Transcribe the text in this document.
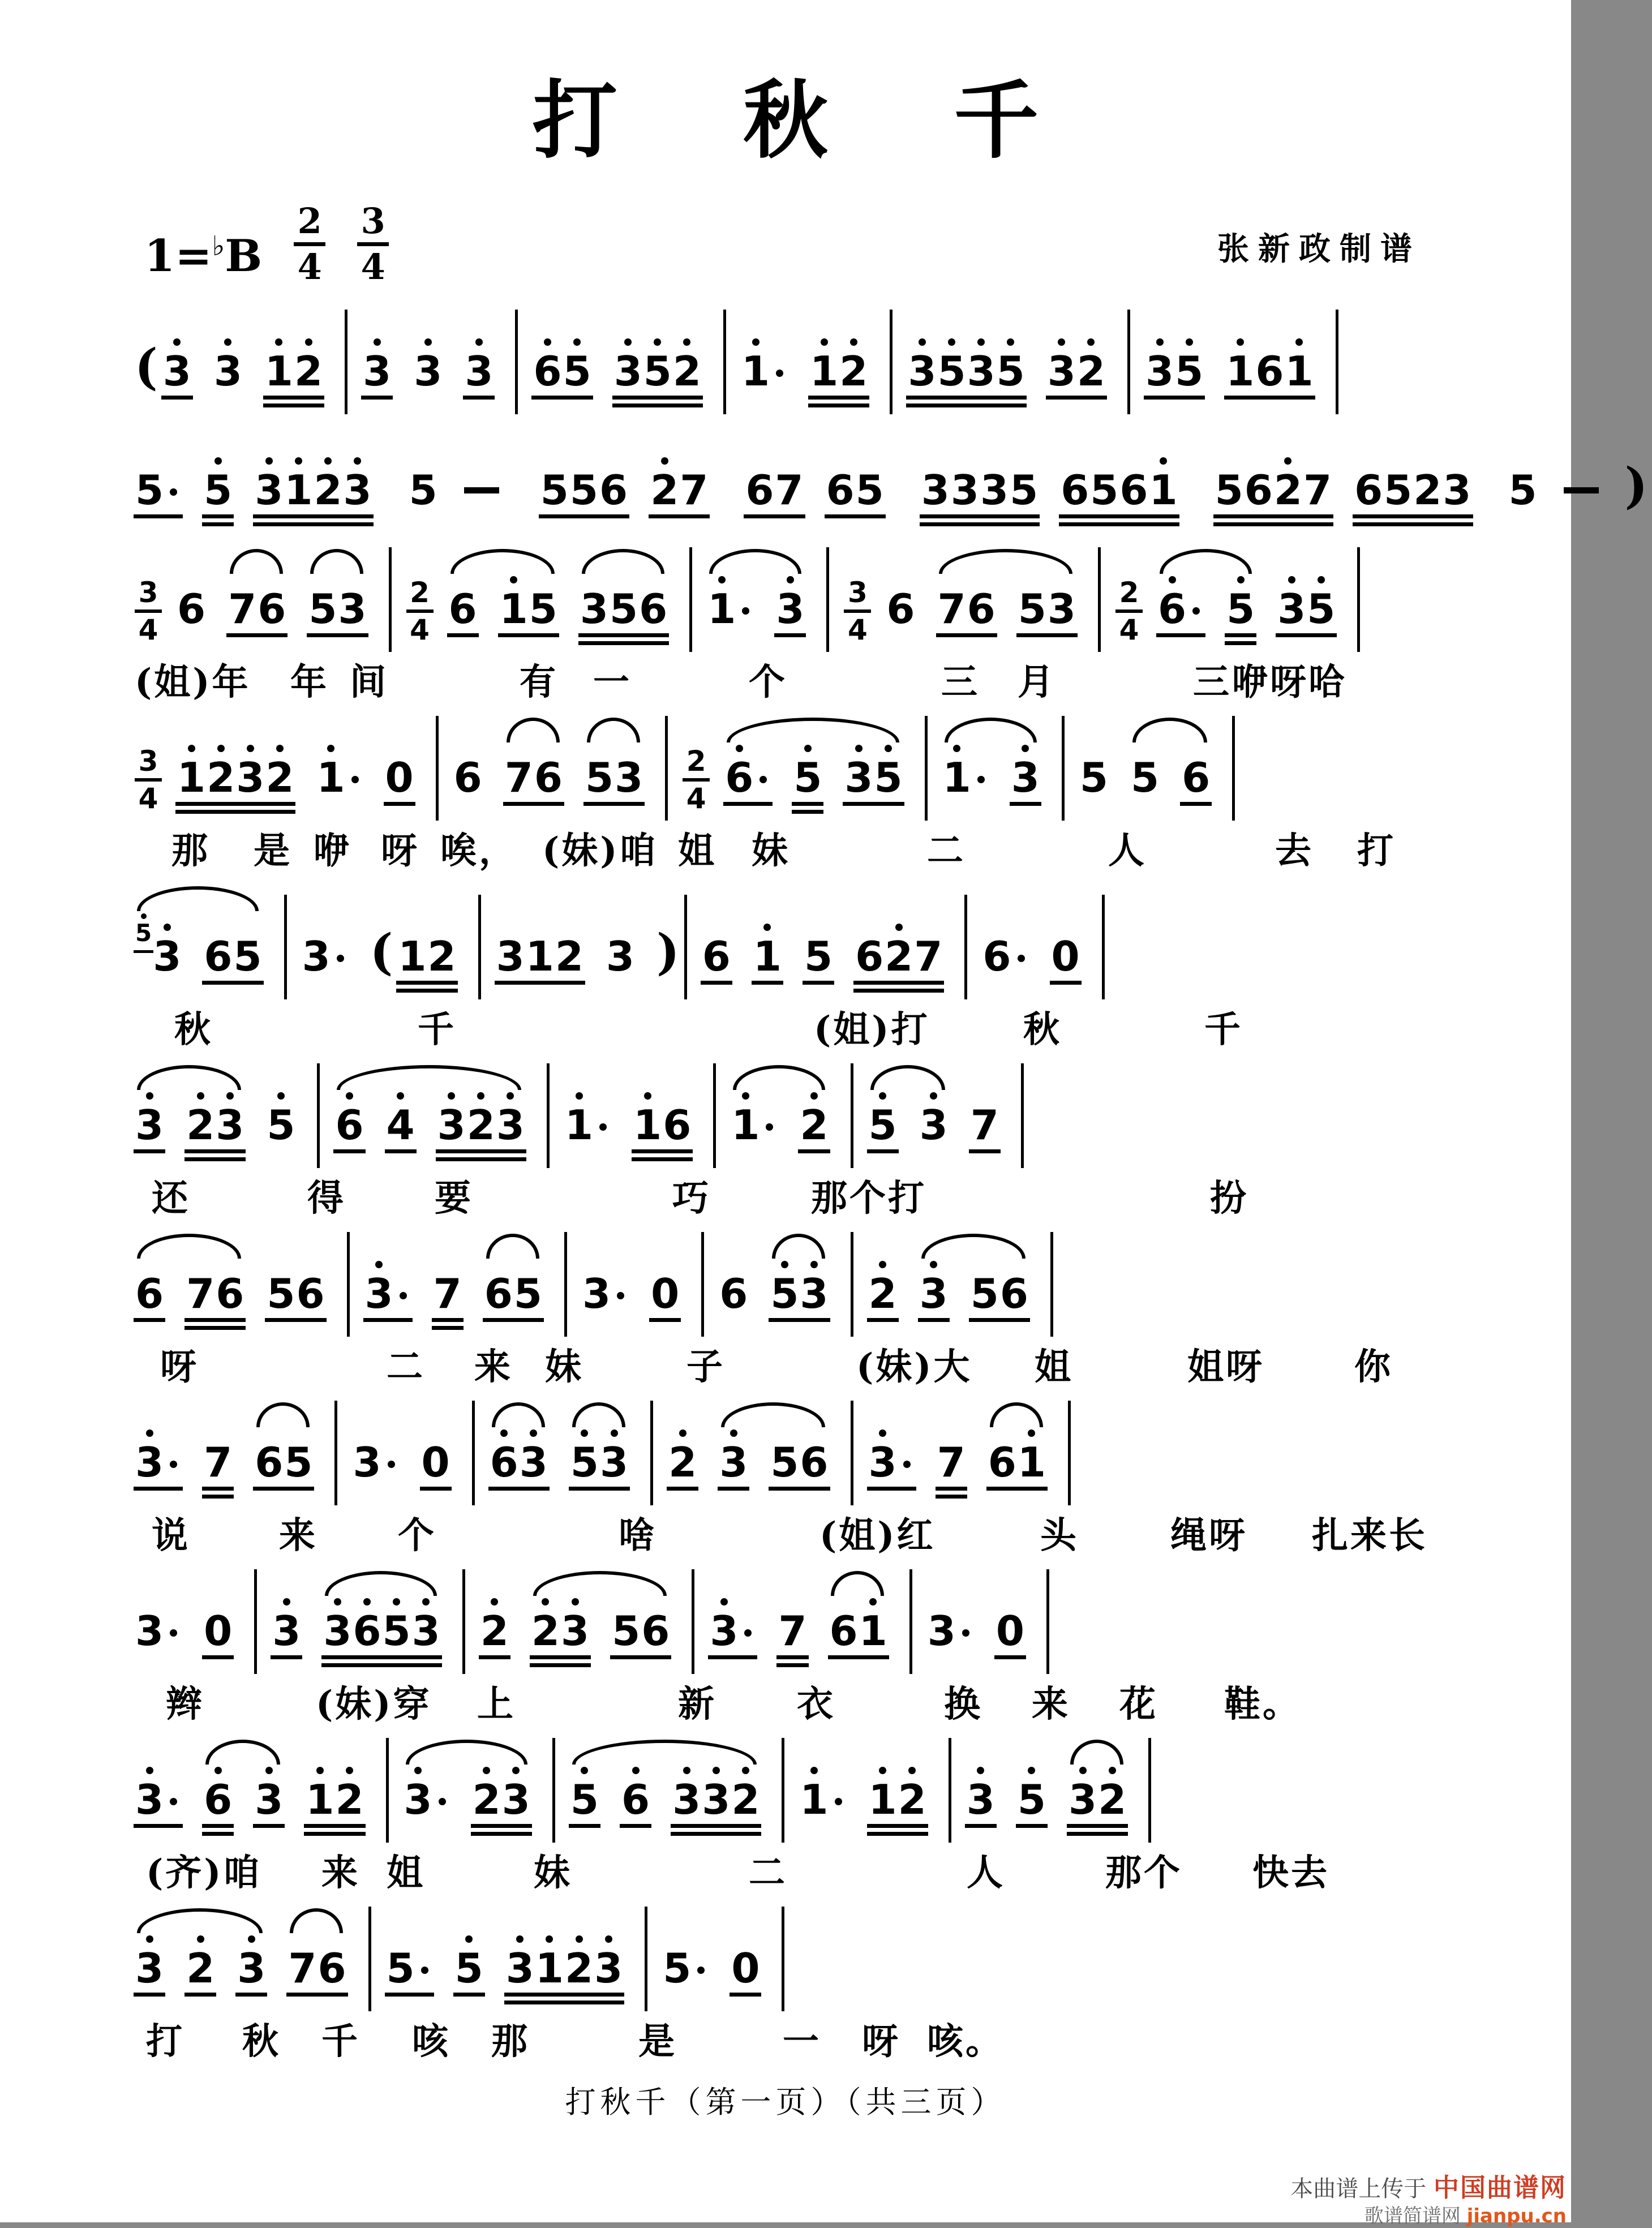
打 秋 千
1=♭B
2
4
3
4	张新政制谱
( 3 3 1 2 3 3 3 6 5 3 5 2 1 1 2 3 5 3 5 3 2 3 5 1 6 1
5 5 3 1 2 3 5	5 5 6 2 7 6 7 6 5 3 3 3 5 6 5 6 1 5 6 2 7 6 5 2 3 5 )
3
4 6 7 6 5 3 2
4 6 1 5 3 5 6 1 3 3
4 6 7 6 5 3 2
4 6 5 3 5
(姐)年 年 间	有 一	个	三 月	三咿呀哈
3
4 1 2 3 2 1 0 6 7 6 5 3 2
4 6 5 3 5 1 3 5 5 6
那 是 咿 呀 唉， (妹)咱 姐 妹	二	人	去 打
5 3 6 5 3 ( 1 2 3 1 2 3 ) 6 1 5 6 2 7 6 0
秋	千	(姐)打	秋	千
3 2 3 5 6 4 3 2 3 1 1 6 1 2 5 3 7
还	得 要	巧	那个打	扮
6 7 6 5 6 3 7 6 5 3 0 6 5 3 2 3 5 6
呀	二 来 妹	子	(妹)大 姐	姐呀 你
3 7 6 5 3 0 6 3 5 3 2 3 5 6 3 7 6 1
说 来 个	啥	(姐)红	头	绳呀 扎来长
3 0 3 3 6 5 3 2 2 3 5 6 3 7 6 1 3 0
辫	(妹)穿 上	新 衣	换 来 花 鞋。
3 6 3 1 2 3 2 3 5 6 3 3 2 1 1 2 3 5 3 2
(齐)咱 来 姐	妹	二	人	那个 快去
3 2 3 7 6 5 5 3 1 2 3 5 0
打 秋 千 咳 那	是	一 呀 咳。
打秋千（第一页）（共三页）
本曲谱上传于 中国曲谱网
歌谱简谱网 jianpu.cn
